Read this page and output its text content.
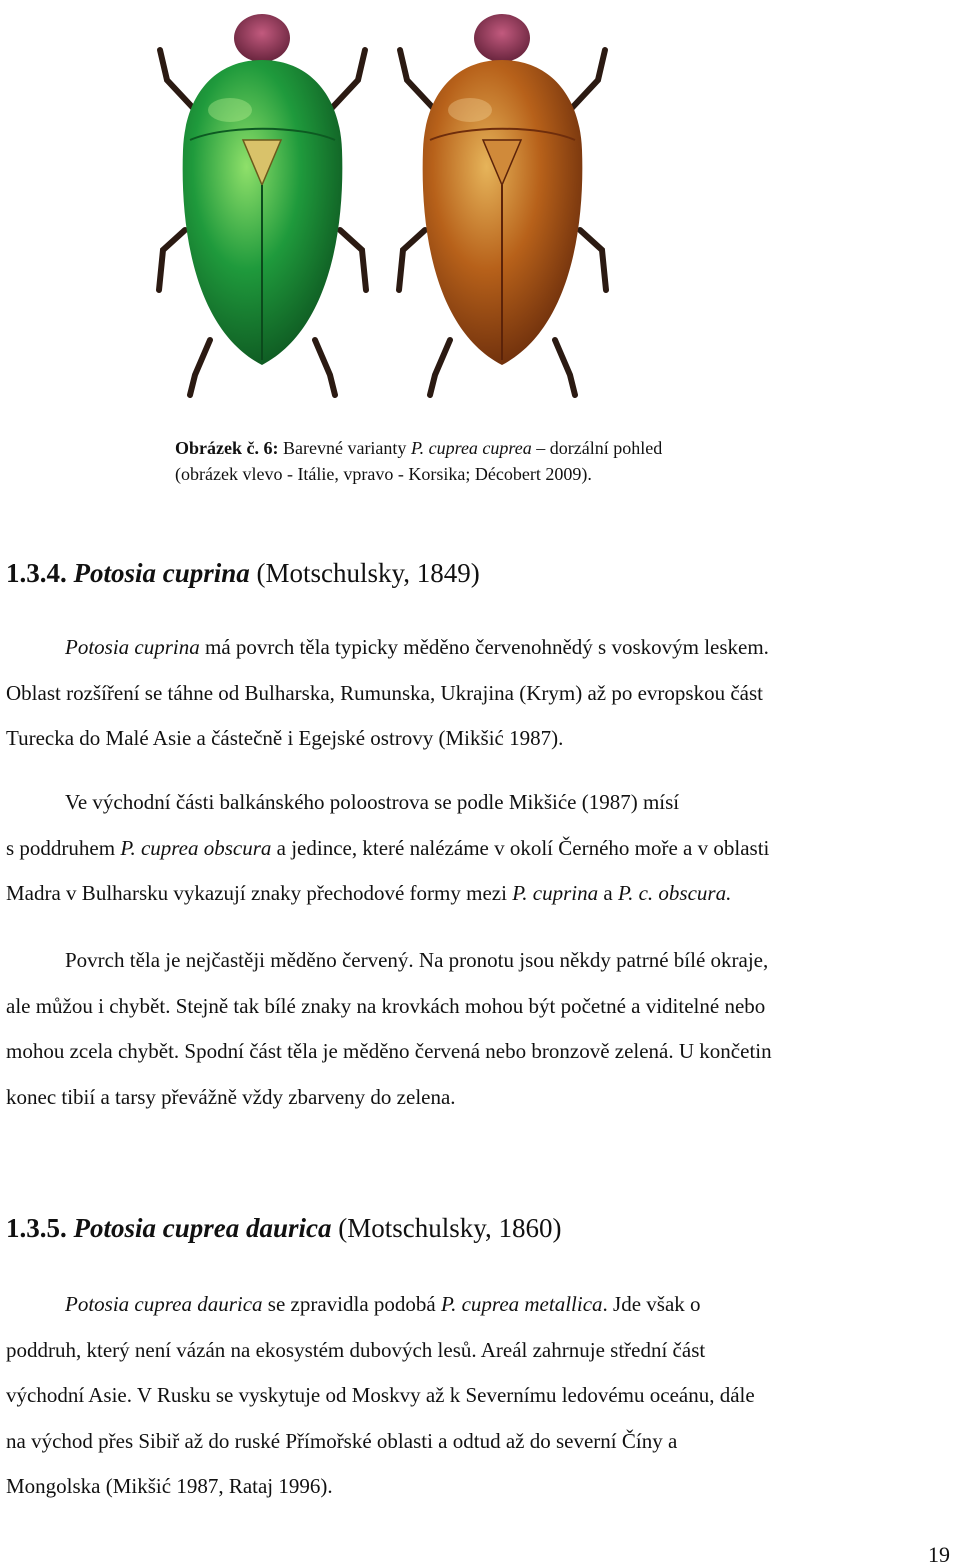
Obrázek č. 6: Barevné varianty P. cuprea cuprea – dorzální pohled
(obrázek vlevo - Itálie, vpravo - Korsika; Décobert 2009).
1.3.4. Potosia cuprina (Motschulsky, 1849)
Potosia cuprina má povrch těla typicky měděno červenohnědý s voskovým leskem.
Oblast rozšíření se táhne od Bulharska, Rumunska, Ukrajina (Krym) až po evropskou část
Turecka do Malé Asie a částečně i Egejské ostrovy (Mikšić 1987).
Ve východní části balkánského poloostrova se podle Mikšiće (1987) mísí
s poddruhem P. cuprea obscura a jedince, které nalézáme v okolí Černého moře a v oblasti
Madra v Bulharsku vykazují znaky přechodové formy mezi P. cuprina a P. c. obscura.
Povrch těla je nejčastěji měděno červený. Na pronotu jsou někdy patrné bílé okraje,
ale můžou i chybět. Stejně tak bílé znaky na krovkách mohou být početné a viditelné nebo
mohou zcela chybět. Spodní část těla je měděno červená nebo bronzově zelená. U končetin
konec tibií a tarsy převážně vždy zbarveny do zelena.
1.3.5. Potosia cuprea daurica (Motschulsky, 1860)
Potosia cuprea daurica se zpravidla podobá P. cuprea metallica. Jde však o
poddruh, který není vázán na ekosystém dubových lesů. Areál zahrnuje střední část
východní Asie. V Rusku se vyskytuje od Moskvy až k Severnímu ledovému oceánu, dále
na východ přes Sibiř až do ruské Přímořské oblasti a odtud až do severní Číny a
Mongolska (Mikšić 1987, Rataj 1996).
19
